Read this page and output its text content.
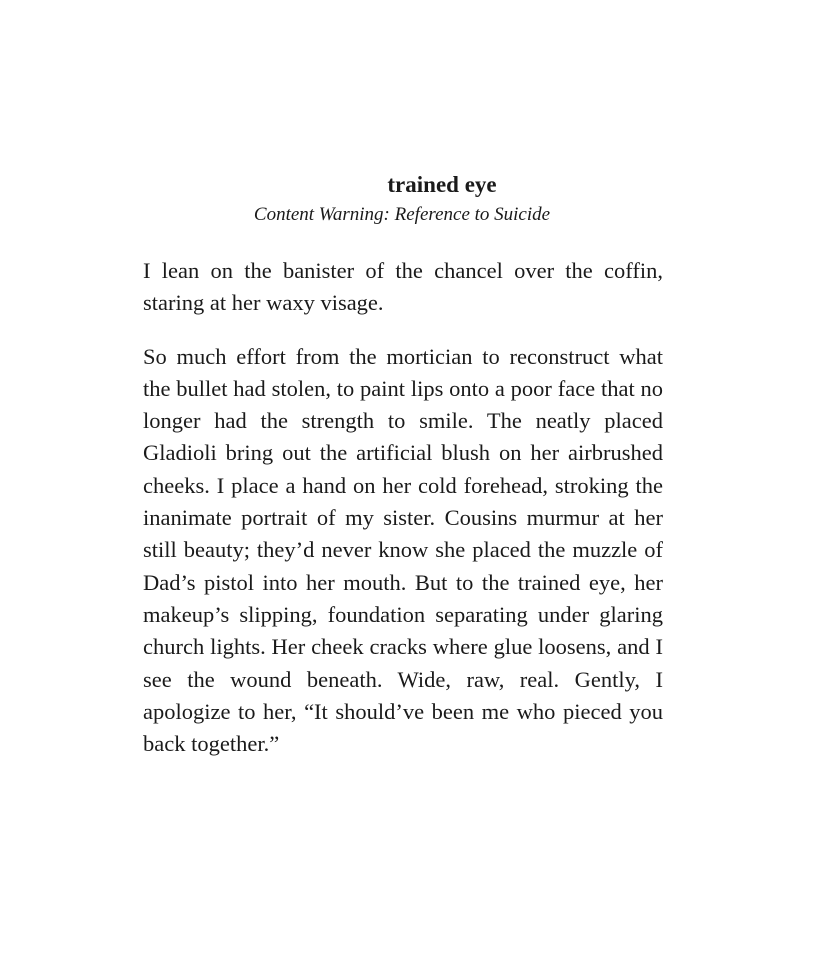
trained eye
Content Warning: Reference to Suicide

I lean on the banister of the chancel over the coffin, staring at her waxy visage.

So much effort from the mortician to reconstruct what the bullet had stolen, to paint lips onto a poor face that no longer had the strength to smile. The neatly placed Gladioli bring out the artificial blush on her airbrushed cheeks. I place a hand on her cold forehead, stroking the inanimate portrait of my sister. Cousins murmur at her still beauty; they’d never know she placed the muzzle of Dad’s pistol into her mouth. But to the trained eye, her makeup’s slipping, foundation separating under glaring church lights. Her cheek cracks where glue loosens, and I see the wound beneath. Wide, raw, real. Gently, I apologize to her, “It should’ve been me who pieced you back together.”
